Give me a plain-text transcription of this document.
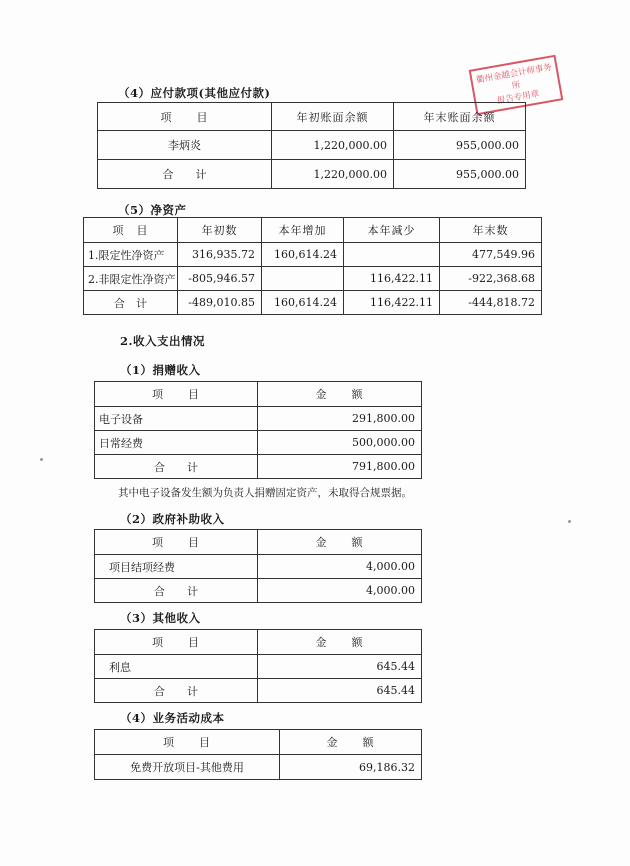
衢州金越会计师事务所
报告专用章
（4）应付款项(其他应付款)
项　　目	年初账面余额	年末账面余额
李炳炎	1,220,000.00	955,000.00
合　　计	1,220,000.00	955,000.00
（5）净资产
项　目	年初数	本年增加	本年减少	年末数
1.限定性净资产	316,935.72	160,614.24		477,549.96
2.非限定性净资产	-805,946.57		116,422.11	-922,368.68
合　计	-489,010.85	160,614.24	116,422.11	-444,818.72
2.收入支出情况
（1）捐赠收入
项　　目	金　　额
电子设备	291,800.00
日常经费	500,000.00
合　　计	791,800.00
其中电子设备发生额为负责人捐赠固定资产，未取得合规票据。
（2）政府补助收入
项　　目	金　　额
项目结项经费	4,000.00
合　　计	4,000.00
（3）其他收入
项　　目	金　　额
利息	645.44
合　　计	645.44
（4）业务活动成本
项　　目	金　　额
免费开放项目-其他费用	69,186.32
